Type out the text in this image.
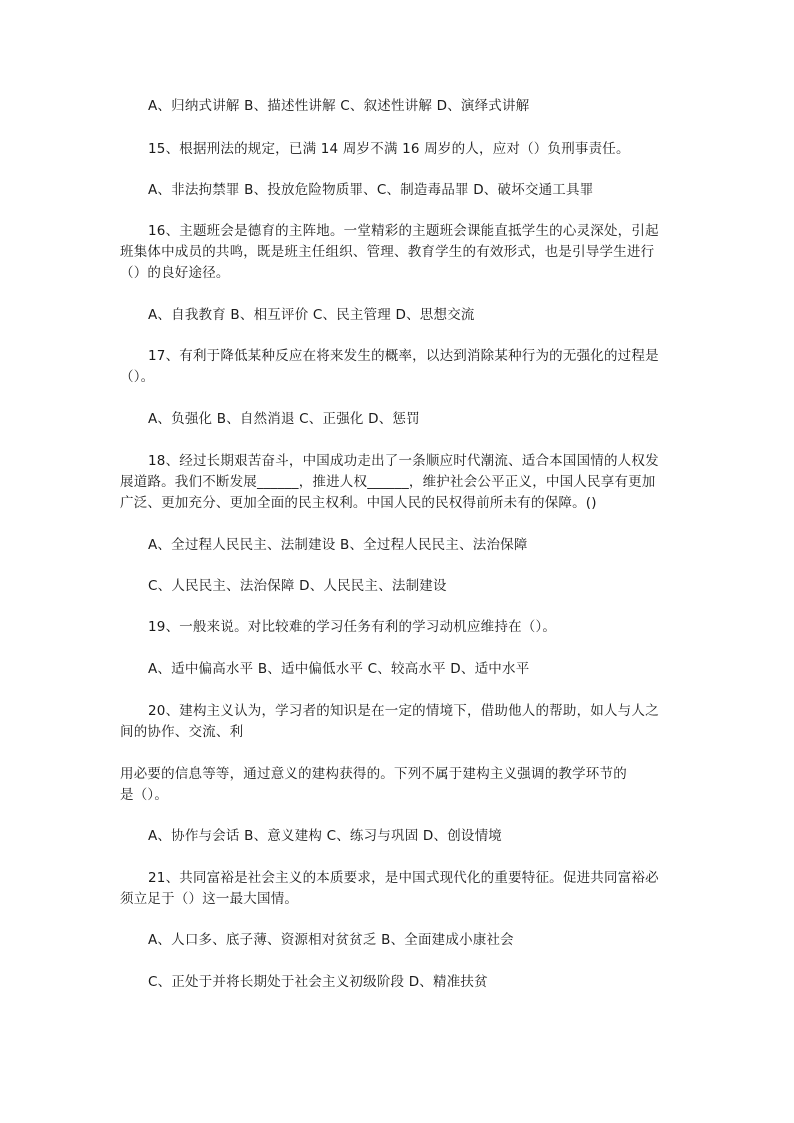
A、归纳式讲解 B、描述性讲解 C、叙述性讲解 D、演绎式讲解
15、根据刑法的规定，已满 14 周岁不满 16 周岁的人，应对（）负刑事责任。
A、非法拘禁罪 B、投放危险物质罪、C、制造毒品罪 D、破坏交通工具罪
16、主题班会是德育的主阵地。一堂精彩的主题班会课能直抵学生的心灵深处，引起
班集体中成员的共鸣，既是班主任组织、管理、教育学生的有效形式，也是引导学生进行
（）的良好途径。
A、自我教育 B、相互评价 C、民主管理 D、思想交流
17、有利于降低某种反应在将来发生的概率，以达到消除某种行为的无强化的过程是
（）。
A、负强化 B、自然消退 C、正强化 D、惩罚
18、经过长期艰苦奋斗，中国成功走出了一条顺应时代潮流、适合本国国情的人权发
展道路。我们不断发展______，推进人权______，维护社会公平正义，中国人民享有更加
广泛、更加充分、更加全面的民主权利。中国人民的民权得前所未有的保障。()
A、全过程人民民主、法制建设 B、全过程人民民主、法治保障
C、人民民主、法治保障 D、人民民主、法制建设
19、一般来说。对比较难的学习任务有利的学习动机应维持在（）。
A、适中偏高水平 B、适中偏低水平 C、较高水平 D、适中水平
20、建构主义认为，学习者的知识是在一定的情境下，借助他人的帮助，如人与人之
间的协作、交流、利
用必要的信息等等，通过意义的建构获得的。下列不属于建构主义强调的教学环节的
是（）。
A、协作与会话 B、意义建构 C、练习与巩固 D、创设情境
21、共同富裕是社会主义的本质要求，是中国式现代化的重要特征。促进共同富裕必
须立足于（）这一最大国情。
A、人口多、底子薄、资源相对贫贫乏 B、全面建成小康社会
C、正处于并将长期处于社会主义初级阶段 D、精准扶贫
